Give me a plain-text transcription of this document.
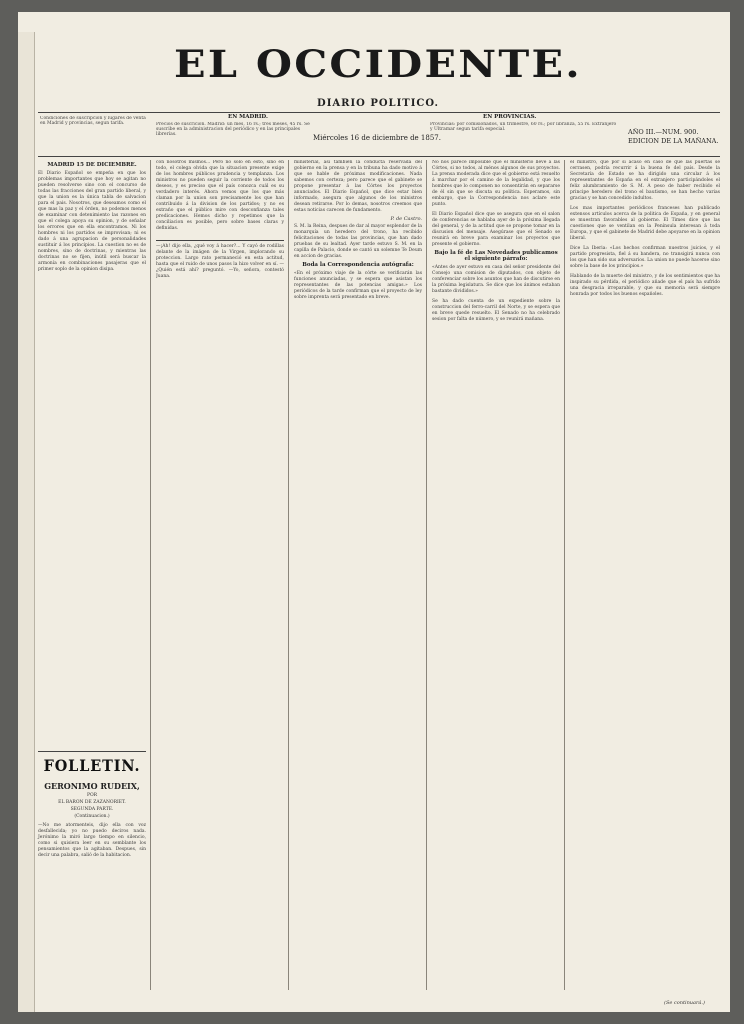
EL OCCIDENTE.
DIARIO POLITICO.
Condiciones de suscripcion y lugares de venta en Madrid y provincias, segun tarifa.
EN MADRID.
Precios de suscricion. Madrid: un mes, 16 rs.; tres meses, 45 rs. Se suscribe en la administracion del periódico y en las principales librerías.	Miércoles 16 de diciembre de 1857.
EN PROVINCIAS.
Provincias: por comisionados, un trimestre, 60 rs.; por libranza, 55 rs. Extranjero y Ultramar segun tarifa especial.	AÑO III.—NUM. 900.
EDICION DE LA MAÑANA.
MADRID 15 DE DICIEMBRE.
El Diario Español se empeña en que los problemas importantes que hoy se agitan no pueden resolverse sino con el concurso de todas las fracciones del gran partido liberal, y que la union es la única tabla de salvacion para el pais. Nosotros, que deseamos como el que mas la paz y el órden, no podemos menos de examinar con detenimiento las razones en que el colega apoya su opinion, y de señalar los errores que en ella encontramos. Ni los hombres ni los partidos se improvisan; ni es dado á una agrupacion de personalidades sustituir á los principios. La cuestion no es de nombres, sino de doctrinas, y mientras las doctrinas no se fijen, inútil será buscar la armonía en combinaciones pasajeras que el primer soplo de la opinion disipa.
FOLLETIN.
GERONIMO RUDEIX,
POR
EL BARON DE ZAZANORIET.
SEGUNDA PARTE.
(Continuacion.)
—No me atormenteis, dijo ella con voz desfallecida; yo no puedo deciros nada. Jerónimo la miró largo tiempo en silencio, como si quisiera leer en su semblante los pensamientos que la agitaban. Despues, sin decir una palabra, salió de la habitacion.
con nosotros mismos... Pero no sólo en esto, sino en todo, el colega olvida que la situacion presente exige de los hombres públicos prudencia y templanza. Los ministros no pueden seguir la corriente de todos los deseos, y es preciso que el país conozca cuál es su verdadero interés. Ahora vemos que los que más claman por la union son precisamente los que han contribuido á la division de los partidos; y no es extraño que el público mire con desconfianza tales predicaciones. Hemos dicho y repetimos que la conciliacion es posible, pero sobre bases claras y definidas.
—¡Ah! dijo ella, ¿qué voy á hacer?... Y cayó de rodillas delante de la imágen de la Virgen, implorando su proteccion. Largo rato permaneció en esta actitud, hasta que el ruido de unos pasos la hizo volver en sí. —¿Quién está ahí? preguntó. —Yo, señora, contestó Juana.
ministerial, así también la conducta reservada del gobierno en la prensa y en la tribuna ha dado motivo á que se hable de próximas modificaciones. Nada sabemos con certeza; pero parece que el gabinete se propone presentar á las Córtes los proyectos anunciados. El Diario Español, que dice estar bien informado, asegura que algunos de los ministros desean retirarse. Por lo demas, nosotros creemos que estas noticias carecen de fundamento.
P. de Castro.
S. M. la Reina, despues de dar al mayor esplendor de la monarquía un heredero del trono, ha recibido felicitaciones de todas las provincias, que han dado pruebas de su lealtad. Ayer tarde estuvo S. M. en la capilla de Palacio, donde se cantó un solemne Te Deum en accion de gracias.
Boda la Correspondencia autógrafa:
«En el próximo viaje de la córte se verificarán las funciones anunciadas, y se espera que asistan los representantes de las potencias amigas.» Los periódicos de la tarde confirman que el proyecto de ley sobre imprenta será presentado en breve.
No nos parece imposible que el ministerio lleve á las Córtes, si no todos, al ménos algunos de sus proyectos. La prensa moderada dice que el gobierno está resuelto á marchar por el camino de la legalidad, y que los hombres que lo componen no consentirán en separarse de él sin que se discuta su política. Esperamos, sin embargo, que la Correspondencia nos aclare este punto.
El Diario Español dice que se asegura que en el salon de conferencias se hablaba ayer de la próxima llegada del general, y de la actitud que se propone tomar en la discusion del mensaje. Asegúrase que el Senado se reunirá en breve para examinar los proyectos que presente el gobierno.
Bajo la fé de Las Novedades publicamos el siguiente párrafo:
«Antes de ayer estuvo en casa del señor presidente del Consejo una comision de diputados, con objeto de conferenciar sobre los asuntos que han de discutirse en la próxima legislatura. Se dice que los ánimos estaban bastante divididos.»
Se ha dado cuenta de un expediente sobre la construccion del ferro-carril del Norte, y se espera que en breve quede resuelto. El Senado no ha celebrado sesion por falta de número, y se reunirá mañana.
el ministro, que por si acaso en caso de que las puertas se cerrasen, podría recurrir á la buena fe del país. Desde la Secretaría de Estado se ha dirigido una circular á los representantes de España en el extranjero participándoles el feliz alumbramiento de S. M. A peso de haber recibido el principe heredero del trono el bautismo, se han hecho varias gracias y se han concedido indultos.
Los mas importantes periódicos franceses han publicado extensos artículos acerca de la politica de España, y en general se muestran favorables al gobierno. El Times dice que las cuestiones que se ventilan en la Península interesan á toda Europa, y que el gabinete de Madrid debe apoyarse en la opinion liberal.
Dice La Iberia: «Los hechos confirman nuestros juicios, y el partido progresista, fiel á su bandera, no transigirá nunca con los que han sido sus adversarios. La union no puede hacerse sino sobre la base de los principios.»
Hablando de la muerte del ministro, y de los sentimientos que ha inspirado su pérdida, el periódico añade que el país ha sufrido una desgracia irreparable, y que su memoria será siempre honrada por todos los buenos españoles.
(Se continuará.)
